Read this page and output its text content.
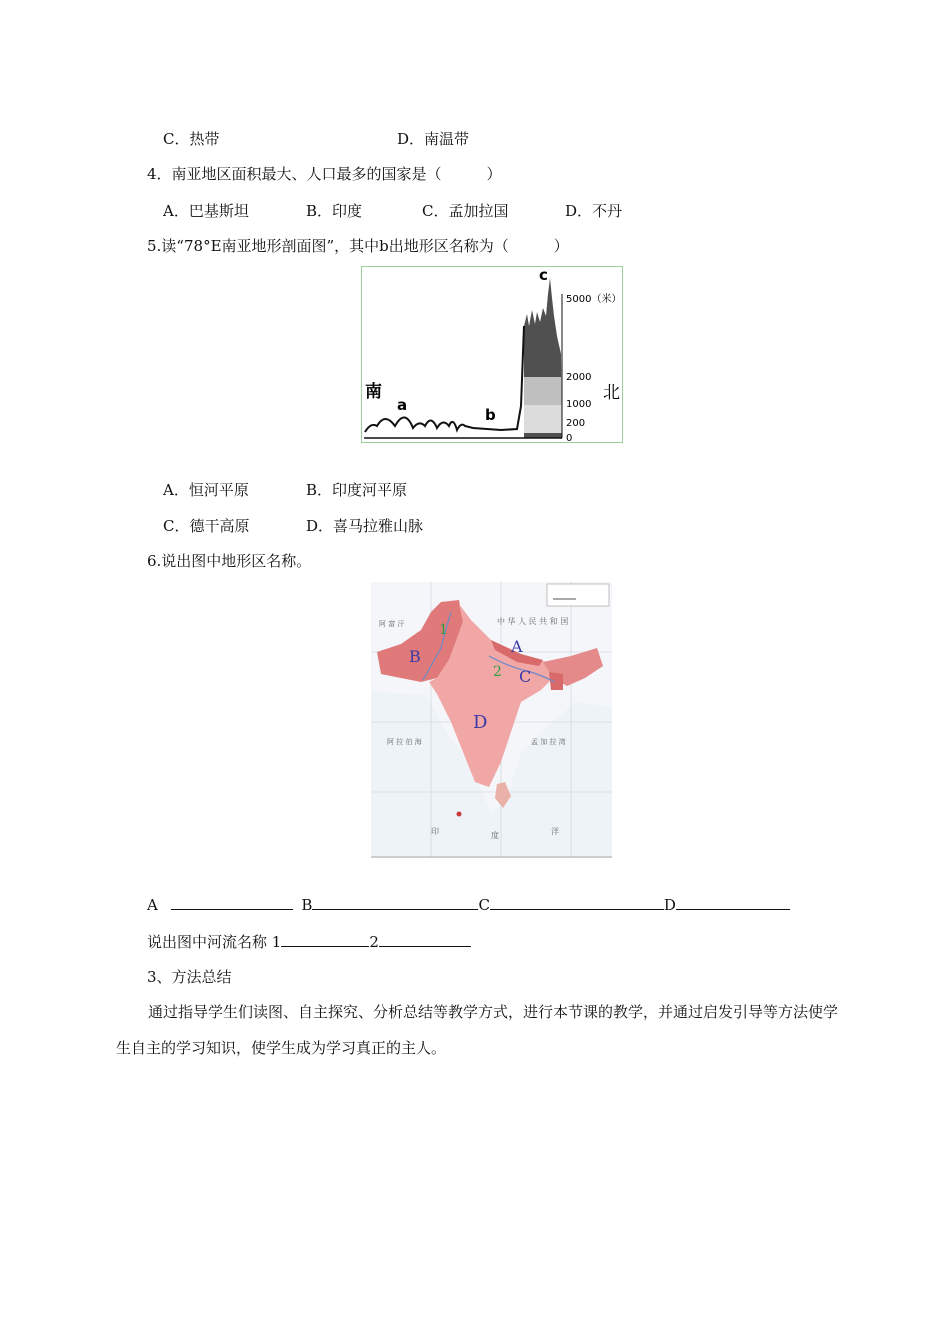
C．热带	D．南温带
4．南亚地区面积最大、人口最多的国家是（　　　）
A．巴基斯坦	B．印度	C．孟加拉国	D．不丹
5.读“78°E南亚地形剖面图”，其中b出地形区名称为（　　　）
南	北
a
b
c
5000（米）
2000
1000
200
0
A．恒河平原	B．印度河平原
C．德干高原	D．喜马拉雅山脉
6.说出图中地形区名称。
1
2
A
B
C
D
中 华 人 民 共 和 国
阿 富 汗
阿 拉 伯 海	孟 加 拉 湾
印	度	洋
A	B	C	D
说出图中河流名称 1	2
3、方法总结
通过指导学生们读图、自主探究、分析总结等教学方式，进行本节课的教学，并通过启发引导等方法使学生自主的学习知识，使学生成为学习真正的主人。
